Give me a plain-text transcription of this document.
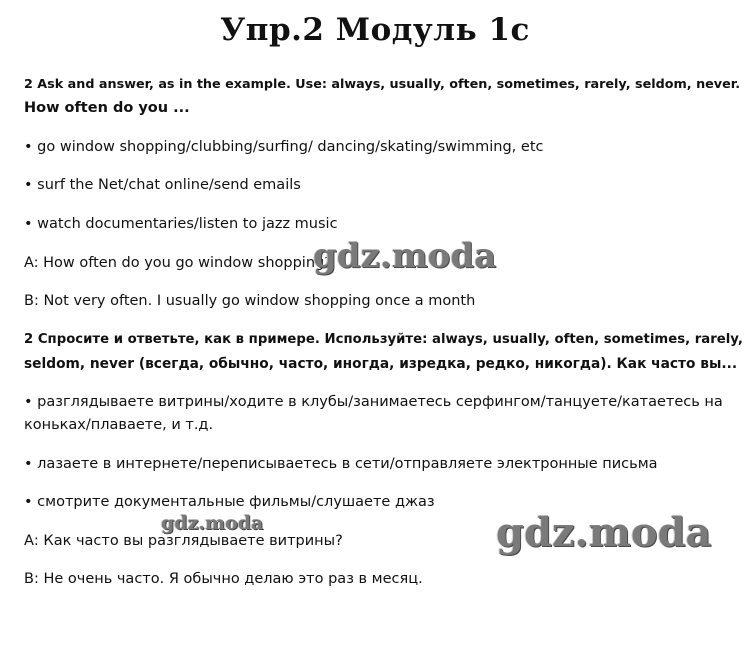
Упр.2 Модуль 1с
2 Ask and answer, as in the example. Use: always, usually, often, sometimes, rarely, seldom, never.
How often do you ...
• go window shopping/clubbing/surfing/ dancing/skating/swimming, etc
• surf the Net/chat online/send emails
• watch documentaries/listen to jazz music
A: How often do you go window shopping?
B: Not very often. I usually go window shopping once a month
2 Спросите и ответьте, как в примере. Используйте: always, usually, often, sometimes, rarely,
seldom, never (всегда, обычно, часто, иногда, изредка, редко, никогда). Как часто вы...
• разглядываете витрины/ходите в клубы/занимаетесь серфингом/танцуете/катаетесь на
коньках/плаваете, и т.д.
• лазаете в интернете/переписываетесь в сети/отправляете электронные письма
• смотрите документальные фильмы/слушаете джаз
А: Как часто вы разглядываете витрины?
В: Не очень часто. Я обычно делаю это раз в месяц.
gdz.moda
gdz.moda	gdz.moda
